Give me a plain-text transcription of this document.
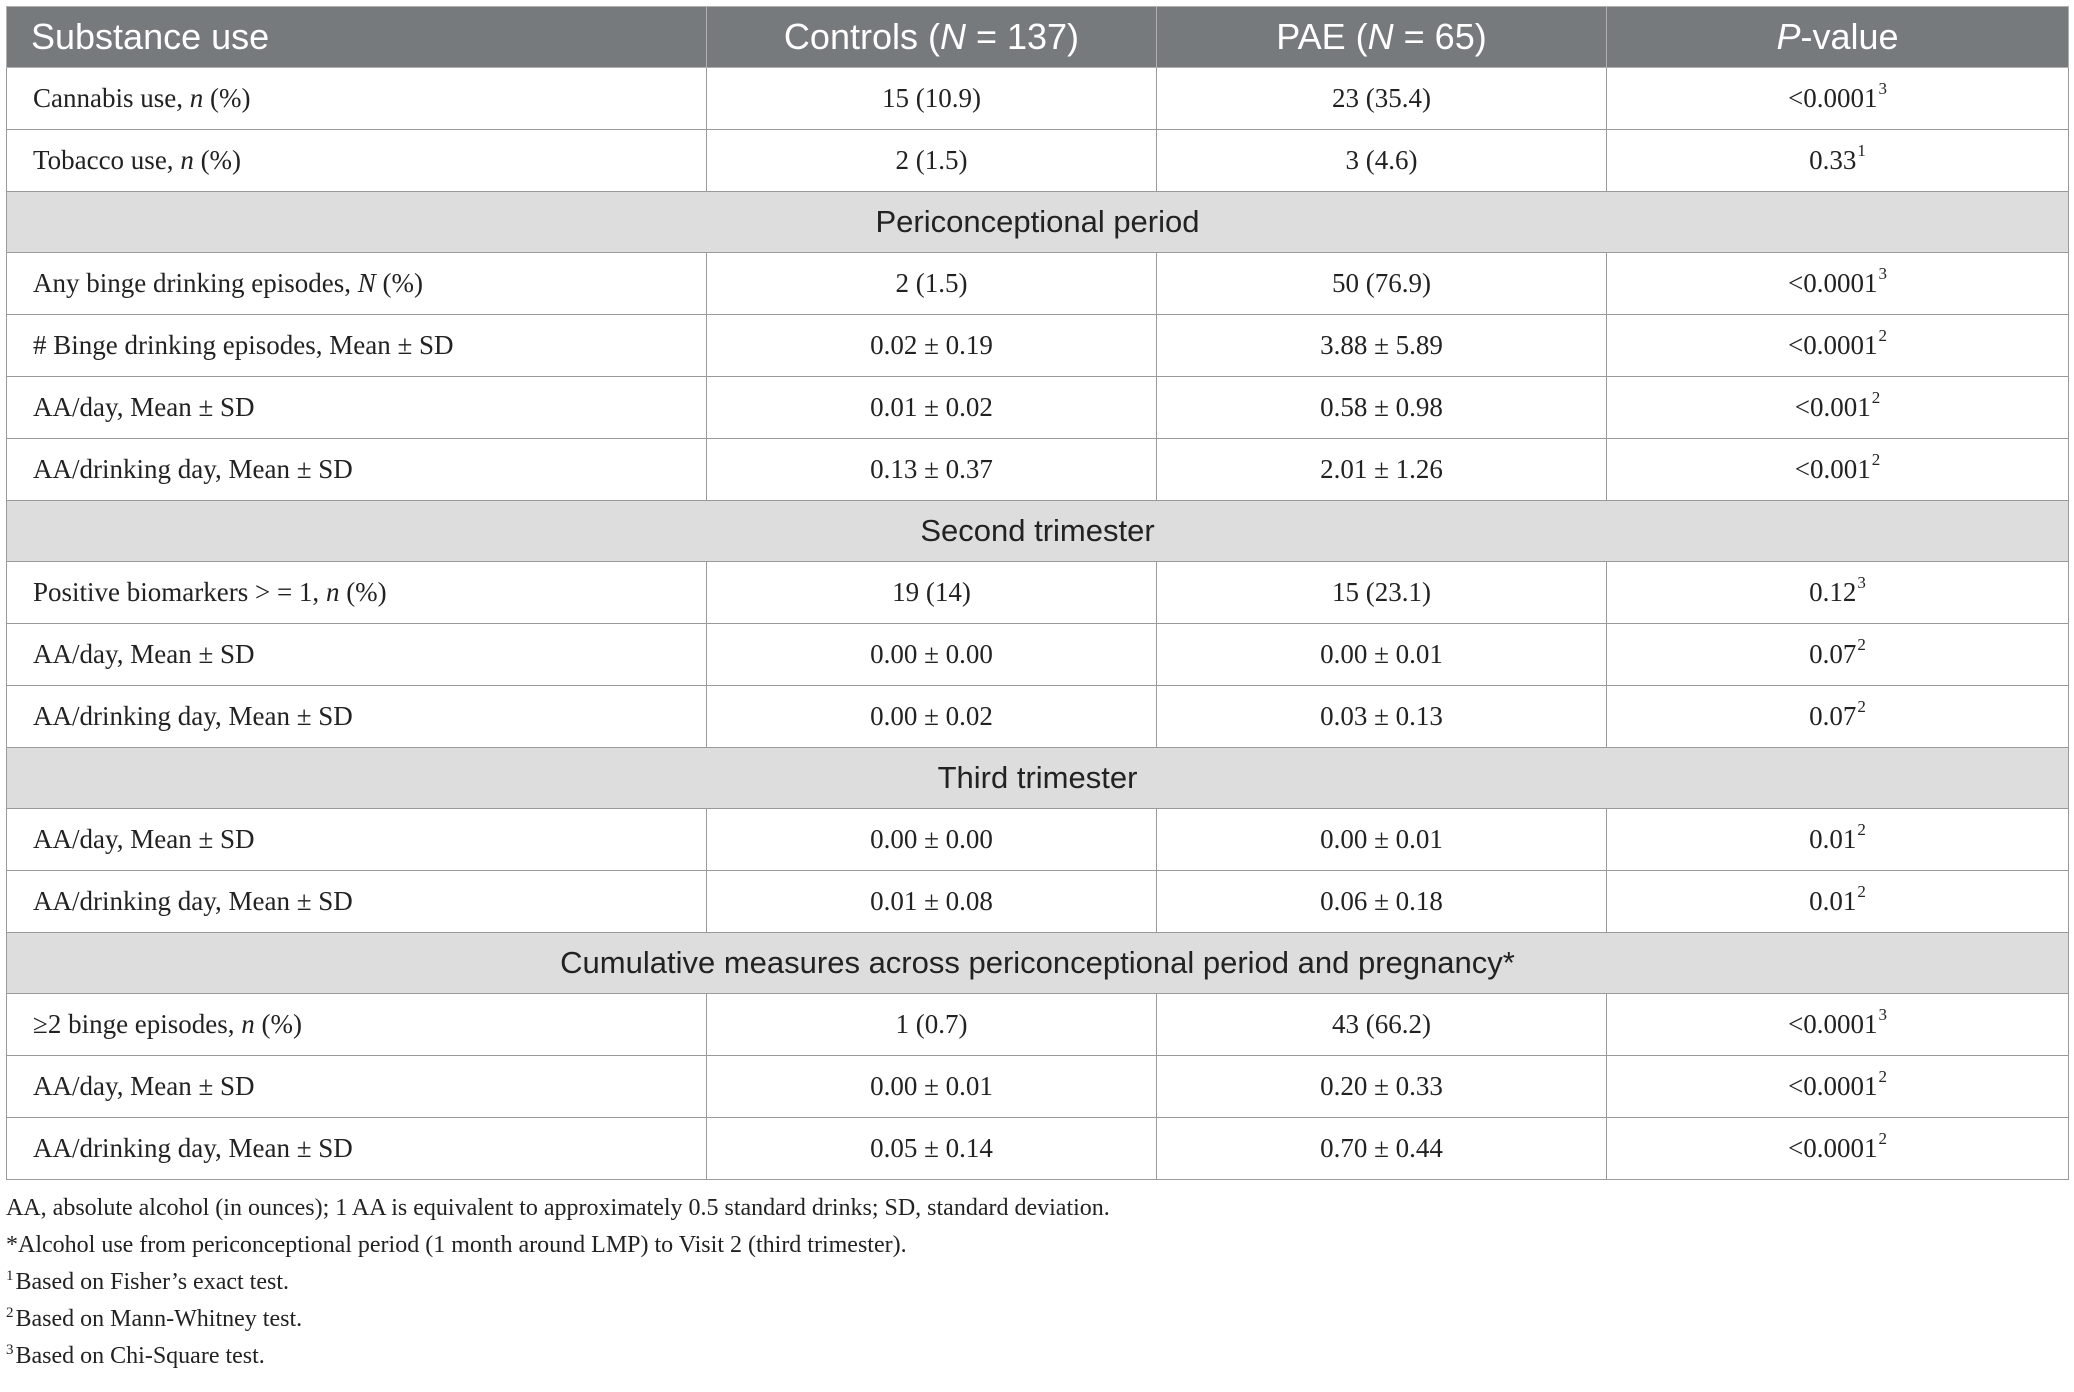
Substance use	Controls (N = 137)	PAE (N = 65)	P-value
Cannabis use, n (%)	15 (10.9)	23 (35.4)	$<0.0001^3$
Tobacco use, n (%)	2 (1.5)	3 (4.6)	0.33$^1$
Periconceptional period			
Any binge drinking episodes, N (%)	2 (1.5)	50 (76.9)	$<0.0001^3$
# Binge drinking episodes, Mean ± SD	0.02 ± 0.19	3.88 ± 5.89	$<0.0001^2$
AA/day, Mean ± SD	0.01 ± 0.02	0.58 ± 0.98	$<0.001^2$
AA/drinking day, Mean ± SD	0.13 ± 0.37	2.01 ± 1.26	$<0.001^2$
Second trimester			
Positive biomarkers > = 1, n (%)	19 (14)	15 (23.1)	0.12$^3$
AA/day, Mean ± SD	0.00 ± 0.00	0.00 ± 0.01	0.07$^2$
AA/drinking day, Mean ± SD	0.00 ± 0.02	0.03 ± 0.13	0.07$^2$
Third trimester			
AA/day, Mean ± SD	0.00 ± 0.00	0.00 ± 0.01	0.01$^2$
AA/drinking day, Mean ± SD	0.01 ± 0.08	0.06 ± 0.18	0.01$^2$
Cumulative measures across periconceptional period and pregnancy*			
≥2 binge episodes, n (%)	1 (0.7)	43 (66.2)	$<0.0001^3$
AA/day, Mean ± SD	0.00 ± 0.01	0.20 ± 0.33	$<0.0001^2$
AA/drinking day, Mean ± SD	0.05 ± 0.14	0.70 ± 0.44	$<0.0001^2$
AA, absolute alcohol (in ounces); 1 AA is equivalent to approximately 0.5 standard drinks; SD, standard deviation.
*Alcohol use from periconceptional period (1 month around LMP) to Visit 2 (third trimester).
$^1$Based on Fisher’s exact test.
$^2$Based on Mann-Whitney test.
$^3$Based on Chi-Square test.
